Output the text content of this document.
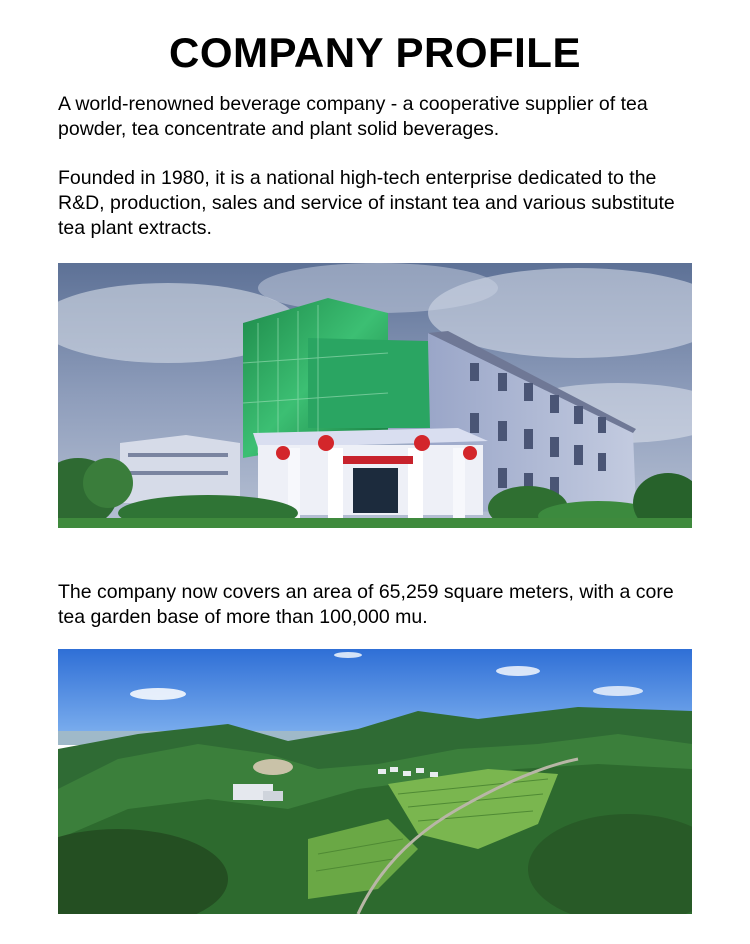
COMPANY PROFILE
A world-renowned beverage company - a cooperative supplier of tea powder, tea concentrate and plant solid beverages.
Founded in 1980, it is a national high-tech enterprise dedicated to the R&D, production, sales and service of instant tea and various substitute tea plant extracts.
The company now covers an area of 65,259 square meters, with a core tea garden base of more than 100,000 mu.
